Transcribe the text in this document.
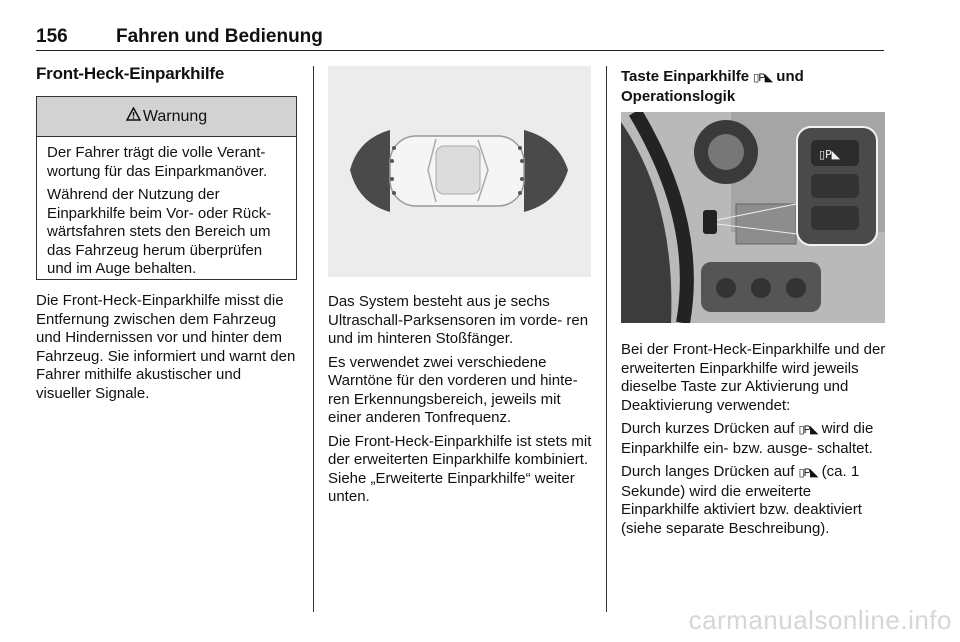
156	Fahren und Bedienung
Front-Heck-Einparkhilfe
Warnung

Der Fahrer trägt die volle Verant- wortung für das Einparkmanöver.

Während der Nutzung der Einparkhilfe beim Vor- oder Rück- wärtsfahren stets den Bereich um das Fahrzeug herum überprüfen und im Auge behalten.

Die Front-Heck-Einparkhilfe misst die Entfernung zwischen dem Fahrzeug und Hindernissen vor und hinter dem Fahrzeug. Sie informiert und warnt den Fahrer mithilfe akustischer und visueller Signale.

Das System besteht aus je sechs Ultraschall-Parksensoren im vorde- ren und im hinteren Stoßfänger.

Es verwendet zwei verschiedene Warntöne für den vorderen und hinte- ren Erkennungsbereich, jeweils mit einer anderen Tonfrequenz.

Die Front-Heck-Einparkhilfe ist stets mit der erweiterten Einparkhilfe kombiniert. Siehe „Erweiterte Einparkhilfe“ weiter unten.

Taste Einparkhilfe ▯P◣ und Operationslogik
▯P◣

Bei der Front-Heck-Einparkhilfe und der erweiterten Einparkhilfe wird jeweils dieselbe Taste zur Aktivierung und Deaktivierung verwendet:

Durch kurzes Drücken auf ▯P◣ wird die Einparkhilfe ein- bzw. ausge- schaltet.

Durch langes Drücken auf ▯P◣ (ca. 1 Sekunde) wird die erweiterte Einparkhilfe aktiviert bzw. deaktiviert (siehe separate Beschreibung).

carmanualsonline.info
